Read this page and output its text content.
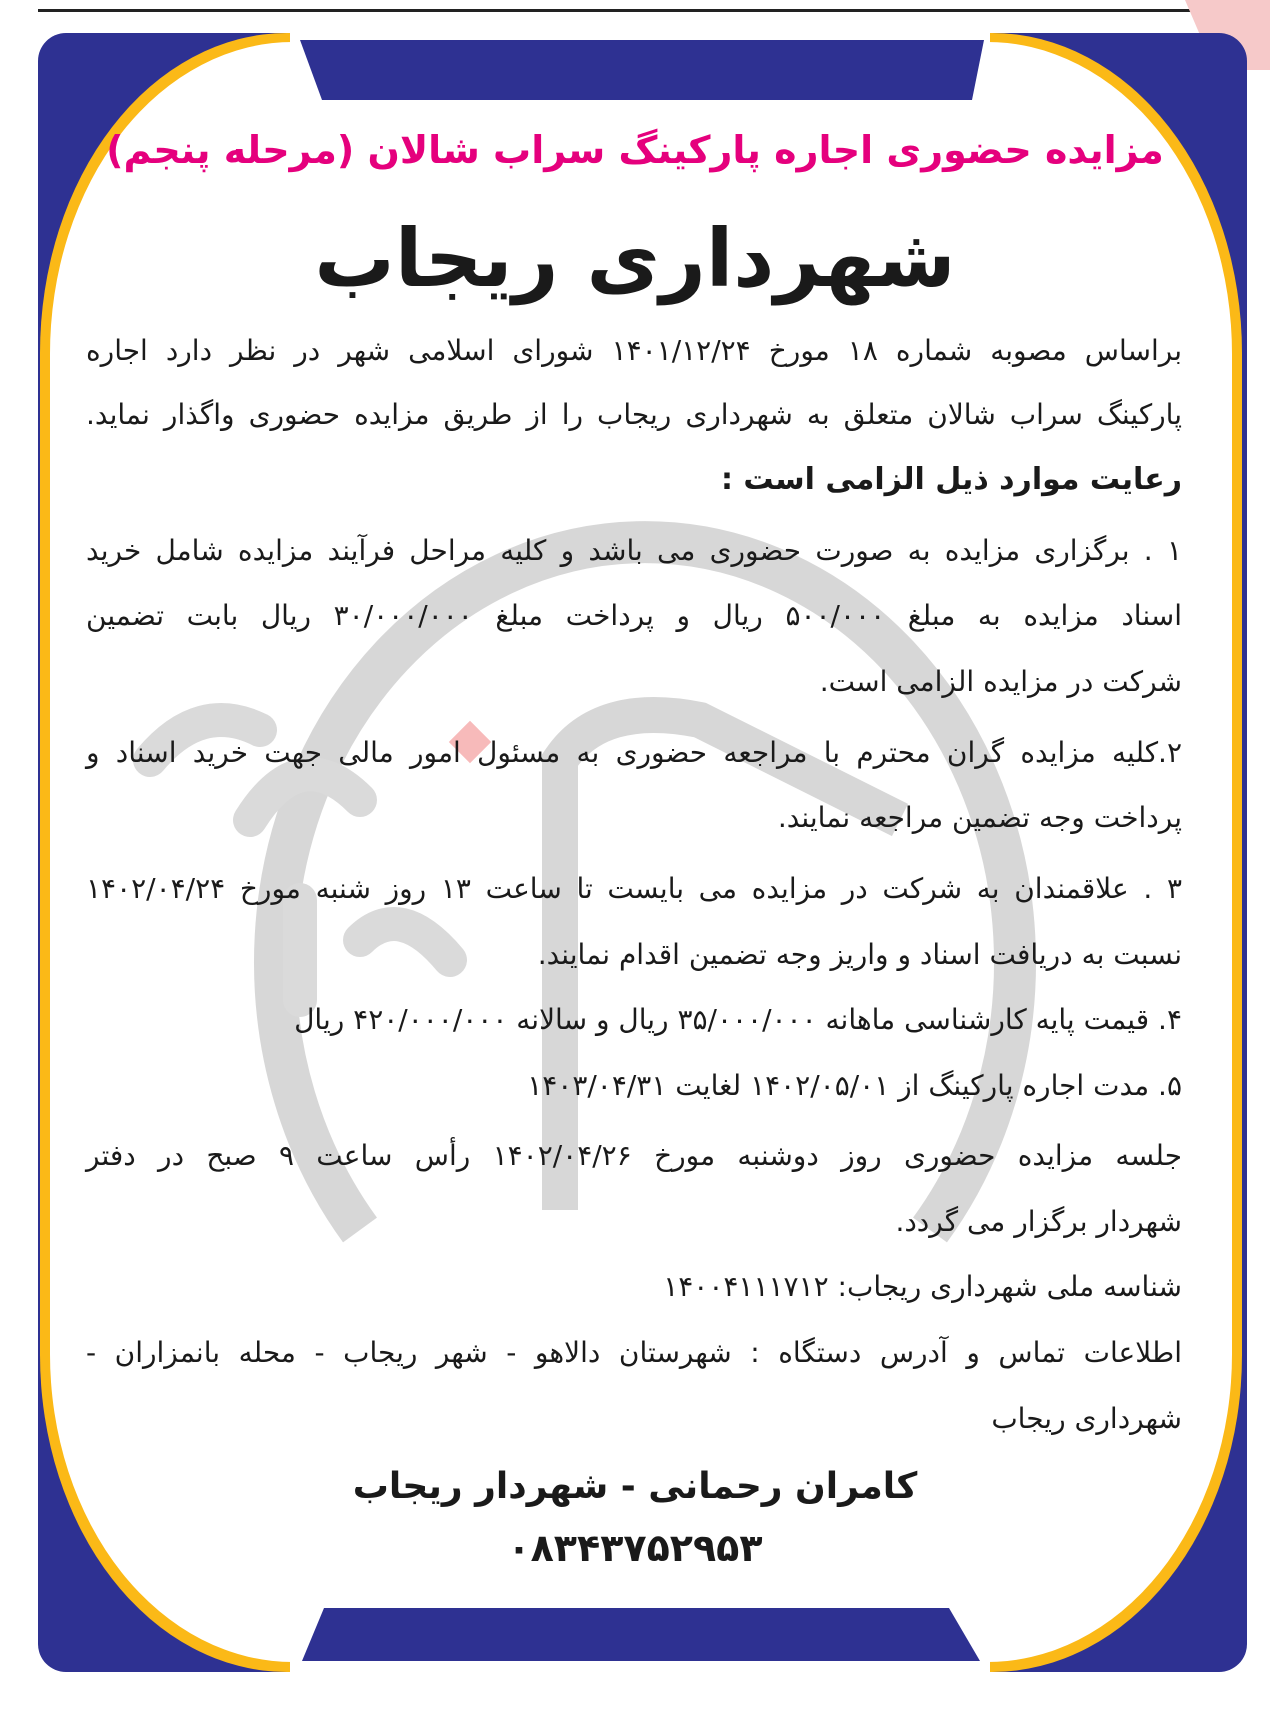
مزایده حضوری اجاره پارکینگ سراب شالان (مرحله پنجم)
شهرداری ریجاب
براساس مصوبه شماره ۱۸ مورخ ۱۴۰۱/۱۲/۲۴ شورای اسلامی شهر در نظر دارد اجاره
پارکینگ سراب شالان متعلق به شهرداری ریجاب را از طریق مزایده حضوری واگذار نماید.
رعایت موارد ذیل الزامی است :
۱ . برگزاری مزایده به صورت حضوری می باشد و کلیه مراحل فرآیند مزایده شامل خرید
اسناد مزایده به مبلغ ۵۰۰/۰۰۰ ریال و پرداخت مبلغ ۳۰/۰۰۰/۰۰۰ ریال بابت تضمین
شرکت در مزایده الزامی است.
۲.کلیه مزایده گران محترم با مراجعه حضوری به مسئول امور مالی جهت خرید اسناد و
پرداخت وجه تضمین مراجعه نمایند.
۳ . علاقمندان به شرکت در مزایده می بایست تا ساعت ۱۳ روز شنبه مورخ ۱۴۰۲/۰۴/۲۴
نسبت به دریافت اسناد و واریز وجه تضمین اقدام نمایند.
۴. قیمت پایه کارشناسی ماهانه ۳۵/۰۰۰/۰۰۰ ریال و سالانه ۴۲۰/۰۰۰/۰۰۰ ریال
۵. مدت اجاره پارکینگ از ۱۴۰۲/۰۵/۰۱ لغایت ۱۴۰۳/۰۴/۳۱
جلسه مزایده حضوری روز دوشنبه مورخ ۱۴۰۲/۰۴/۲۶ رأس ساعت ۹ صبح در دفتر
شهردار برگزار می گردد.
شناسه ملی شهرداری ریجاب: ۱۴۰۰۴۱۱۱۷۱۲
اطلاعات تماس و آدرس دستگاه : شهرستان دالاهو - شهر ریجاب - محله بانمزاران -
شهرداری ریجاب
کامران رحمانی - شهردار ریجاب
۰۸۳۴۳۷۵۲۹۵۳
